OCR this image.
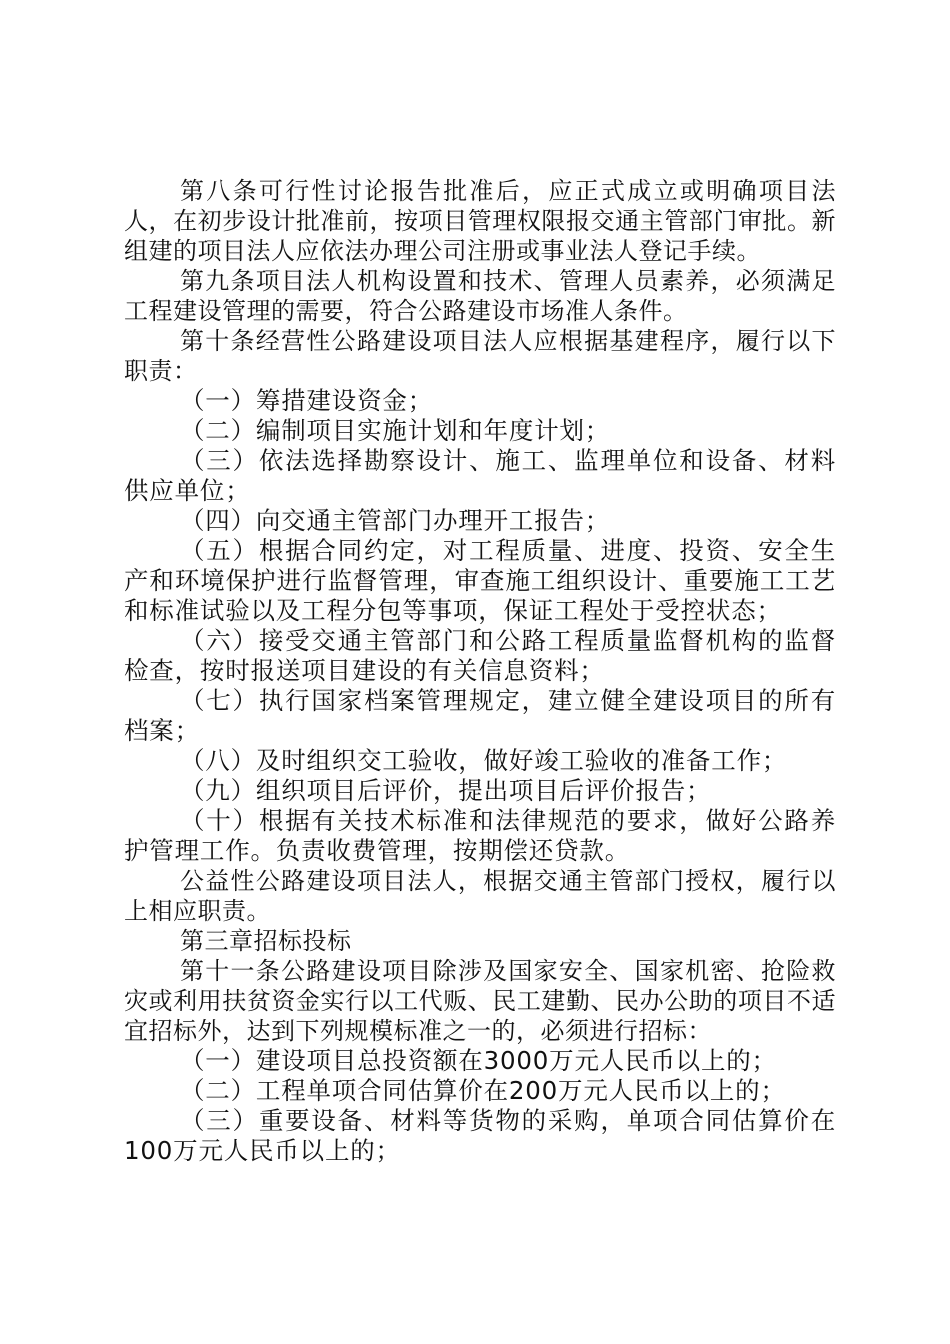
第八条可行性讨论报告批准后，应正式成立或明确项目法人，在初步设计批准前，按项目管理权限报交通主管部门审批。新组建的项目法人应依法办理公司注册或事业法人登记手续。

第九条项目法人机构设置和技术、管理人员素养，必须满足工程建设管理的需要，符合公路建设市场准人条件。

第十条经营性公路建设项目法人应根据基建程序，履行以下职责：

（一）筹措建设资金；

（二）编制项目实施计划和年度计划；

（三）依法选择勘察设计、施工、监理单位和设备、材料供应单位；

（四）向交通主管部门办理开工报告；

（五）根据合同约定，对工程质量、进度、投资、安全生产和环境保护进行监督管理，审查施工组织设计、重要施工工艺和标准试验以及工程分包等事项，保证工程处于受控状态；

（六）接受交通主管部门和公路工程质量监督机构的监督检查，按时报送项目建设的有关信息资料；

（七）执行国家档案管理规定，建立健全建设项目的所有档案；

（八）及时组织交工验收，做好竣工验收的准备工作；

（九）组织项目后评价，提出项目后评价报告；

（十）根据有关技术标准和法律规范的要求，做好公路养护管理工作。负责收费管理，按期偿还贷款。

公益性公路建设项目法人，根据交通主管部门授权，履行以上相应职责。

第三章招标投标

第十一条公路建设项目除涉及国家安全、国家机密、抢险救灾或利用扶贫资金实行以工代贩、民工建勤、民办公助的项目不适宜招标外，达到下列规模标准之一的，必须进行招标：

（一）建设项目总投资额在3000万元人民币以上的；

（二）工程单项合同估算价在200万元人民币以上的；

（三）重要设备、材料等货物的采购，单项合同估算价在100万元人民币以上的；
